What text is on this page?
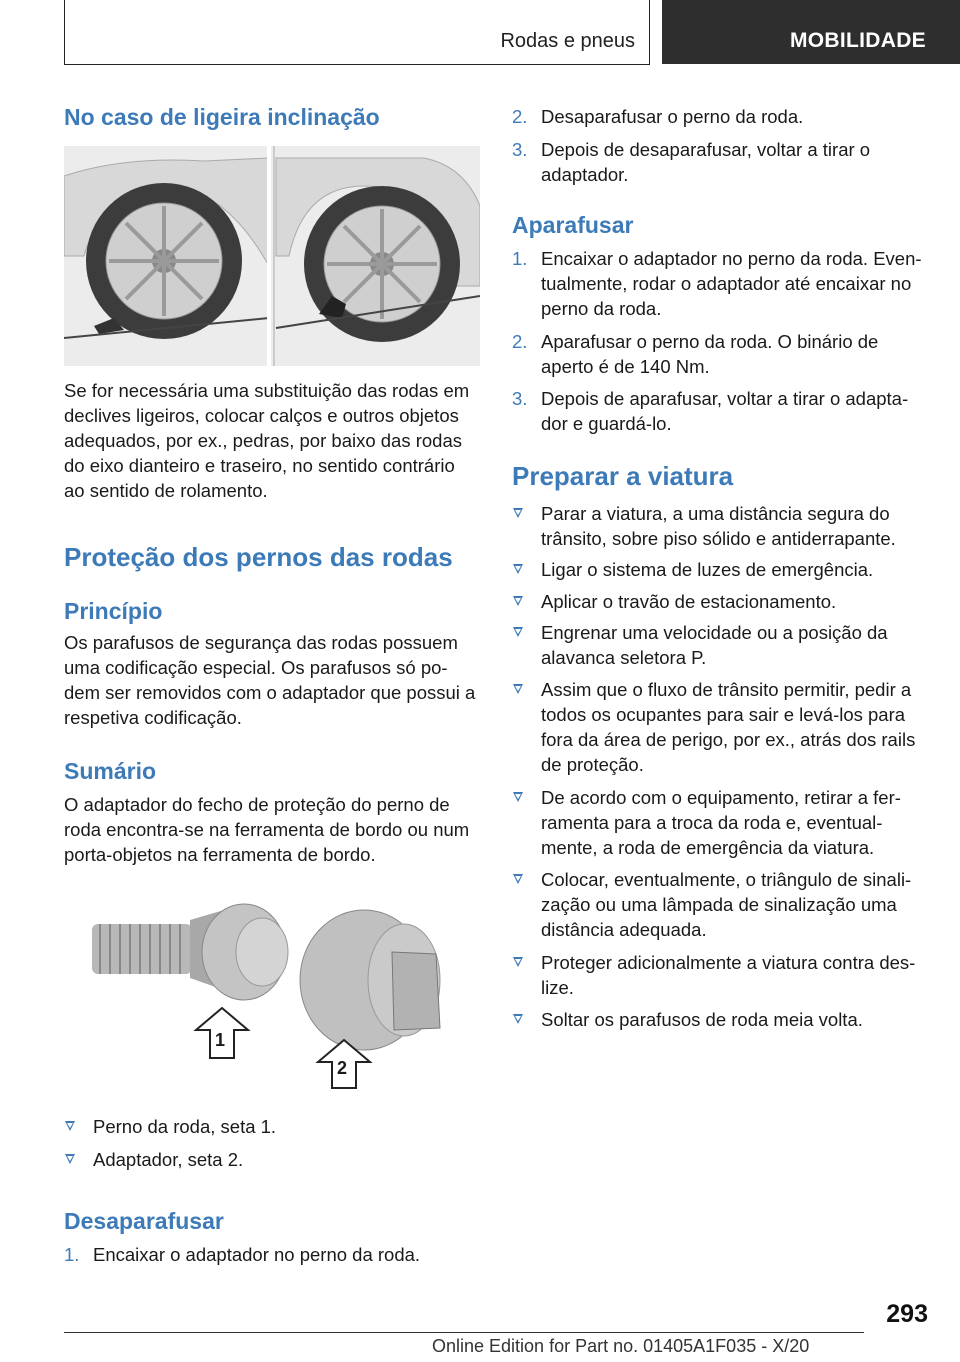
Rodas e pneus	MOBILIDADE
No caso de ligeira inclinação

Se for necessária uma substituição das rodas em declives ligeiros, colocar calços e outros objetos adequados, por ex., pedras, por baixo das rodas do eixo dianteiro e traseiro, no sentido contrário ao sentido de rolamento.

Proteção dos pernos das rodas
Princípio

Os parafusos de segurança das rodas possuem uma codificação especial. Os parafusos só po‐ dem ser removidos com o adaptador que possui a respetiva codificação.

Sumário

O adaptador do fecho de proteção do perno de roda encontra-se na ferramenta de bordo ou num porta-objetos na ferramenta de bordo.

1
2
Perno da roda, seta 1.
Adaptador, seta 2.
Desaparafusar
1. Encaixar o adaptador no perno da roda.
2. Desaparafusar o perno da roda.
3. Depois de desaparafusar, voltar a tirar o adaptador.
Aparafusar
1. Encaixar o adaptador no perno da roda. Even‐ tualmente, rodar o adaptador até encaixar no perno da roda.
2. Aparafusar o perno da roda. O binário de aperto é de 140 Nm.
3. Depois de aparafusar, voltar a tirar o adapta‐ dor e guardá-lo.
Preparar a viatura
Parar a viatura, a uma distância segura do trânsito, sobre piso sólido e antiderrapante.
Ligar o sistema de luzes de emergência.
Aplicar o travão de estacionamento.
Engrenar uma velocidade ou a posição da alavanca seletora P.
Assim que o fluxo de trânsito permitir, pedir a todos os ocupantes para sair e levá-los para fora da área de perigo, por ex., atrás dos rails de proteção.
De acordo com o equipamento, retirar a fer‐ ramenta para a troca da roda e, eventual‐ mente, a roda de emergência da viatura.
Colocar, eventualmente, o triângulo de sinali‐ zação ou uma lâmpada de sinalização uma distância adequada.
Proteger adicionalmente a viatura contra des‐ lize.
Soltar os parafusos de roda meia volta.
293
Online Edition for Part no. 01405A1F035 - X/20
